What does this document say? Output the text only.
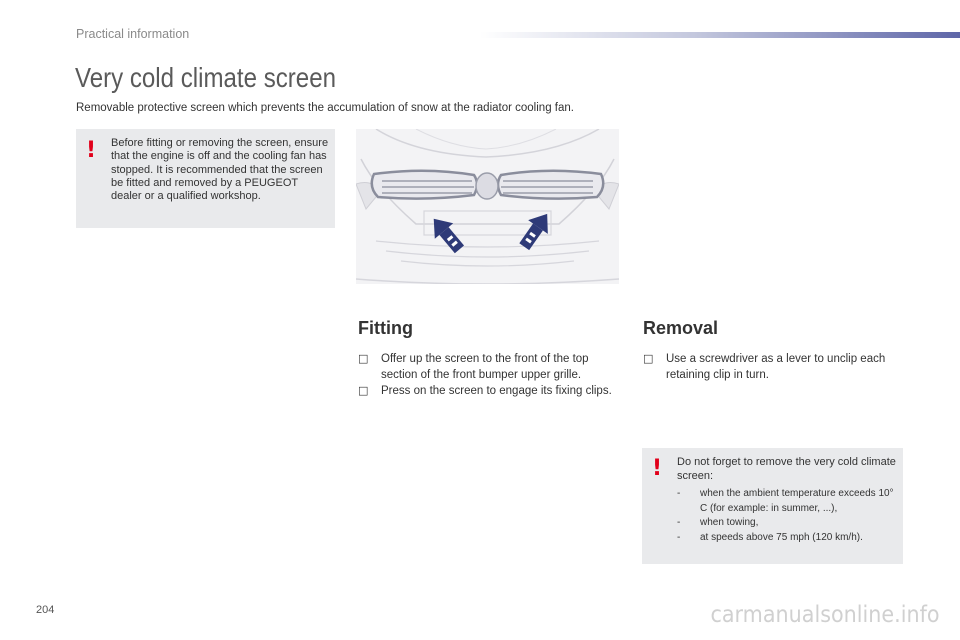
Practical information
Very cold climate screen
Removable protective screen which prevents the accumulation of snow at the radiator cooling fan.
! Before fitting or removing the screen, ensure that the engine is off and the cooling fan has stopped. It is recommended that the screen be fitted and removed by a PEUGEOT dealer or a qualified workshop.
Fitting
□ Offer up the screen to the front of the top section of the front bumper upper grille.
□ Press on the screen to engage its fixing clips.
Removal
□ Use a screwdriver as a lever to unclip each retaining clip in turn.
! Do not forget to remove the very cold climate screen:
- when the ambient temperature exceeds 10° C (for example: in summer, ...),
- when towing,
- at speeds above 75 mph (120 km/h).
204	carmanualsonline.info
